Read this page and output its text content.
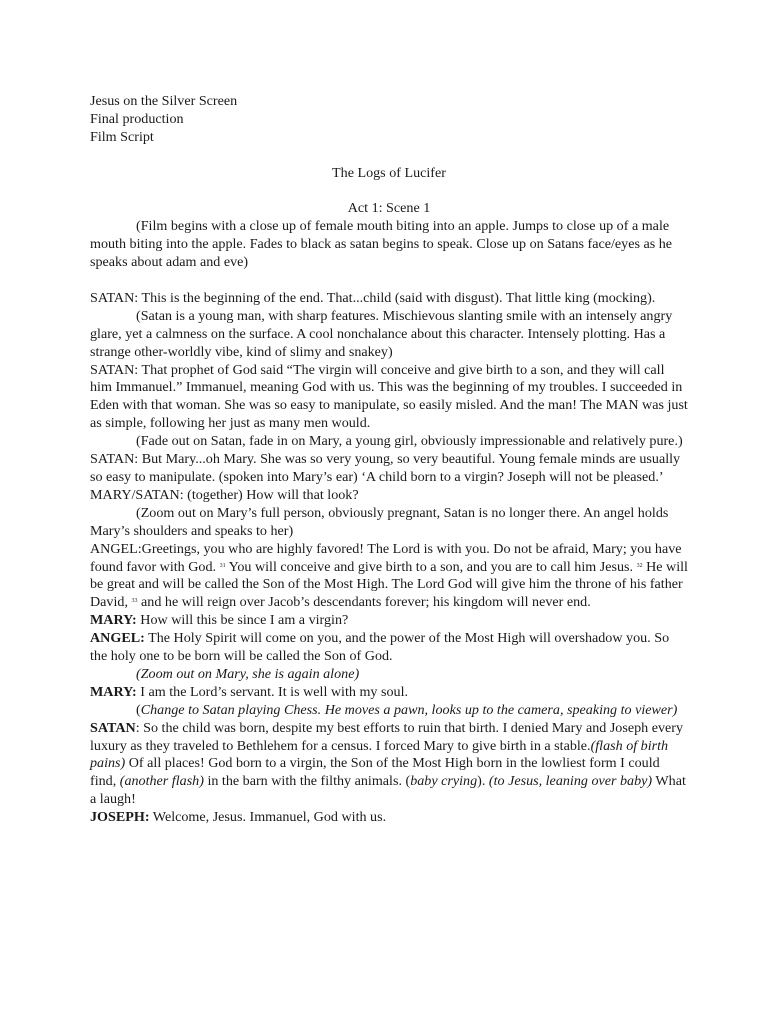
Jesus on the Silver Screen
Final production
Film Script
The Logs of Lucifer
Act 1: Scene 1
(Film begins with a close up of female mouth biting into an apple. Jumps to close up of a male mouth biting into the apple. Fades to black as satan begins to speak. Close up on Satans face/eyes as he speaks about adam and eve)
SATAN: This is the beginning of the end. That...child (said with disgust). That little king (mocking).
(Satan is a young man, with sharp features. Mischievous slanting smile with an intensely angry glare, yet a calmness on the surface. A cool nonchalance about this character. Intensely plotting. Has a strange other-worldly vibe, kind of slimy and snakey)
SATAN: That prophet of God said “The virgin will conceive and give birth to a son, and they will call him Immanuel.” Immanuel, meaning God with us. This was the beginning of my troubles. I succeeded in Eden with that woman. She was so easy to manipulate, so easily misled. And the man! The MAN was just as simple, following her just as many men would.
(Fade out on Satan, fade in on Mary, a young girl, obviously impressionable and relatively pure.)
SATAN: But Mary...oh Mary. She was so very young, so very beautiful. Young female minds are usually so easy to manipulate. (spoken into Mary’s ear) ‘A child born to a virgin? Joseph will not be pleased.’
MARY/SATAN: (together) How will that look?
(Zoom out on Mary’s full person, obviously pregnant, Satan is no longer there. An angel holds Mary’s shoulders and speaks to her)
ANGEL:Greetings, you who are highly favored! The Lord is with you. Do not be afraid, Mary; you have found favor with God. $^{31}$ You will conceive and give birth to a son, and you are to call him Jesus. $^{32}$ He will be great and will be called the Son of the Most High. The Lord God will give him the throne of his father David, $^{33}$ and he will reign over Jacob’s descendants forever; his kingdom will never end.
MARY: How will this be since I am a virgin?
ANGEL: The Holy Spirit will come on you, and the power of the Most High will overshadow you. So the holy one to be born will be called the Son of God.
(Zoom out on Mary, she is again alone)
MARY: I am the Lord’s servant. It is well with my soul.
(Change to Satan playing Chess. He moves a pawn, looks up to the camera, speaking to viewer)
SATAN: So the child was born, despite my best efforts to ruin that birth. I denied Mary and Joseph every luxury as they traveled to Bethlehem for a census. I forced Mary to give birth in a stable.(flash of birth pains) Of all places! God born to a virgin, the Son of the Most High born in the lowliest form I could find, (another flash) in the barn with the filthy animals. (baby crying). (to Jesus, leaning over baby) What a laugh!
JOSEPH: Welcome, Jesus. Immanuel, God with us.
